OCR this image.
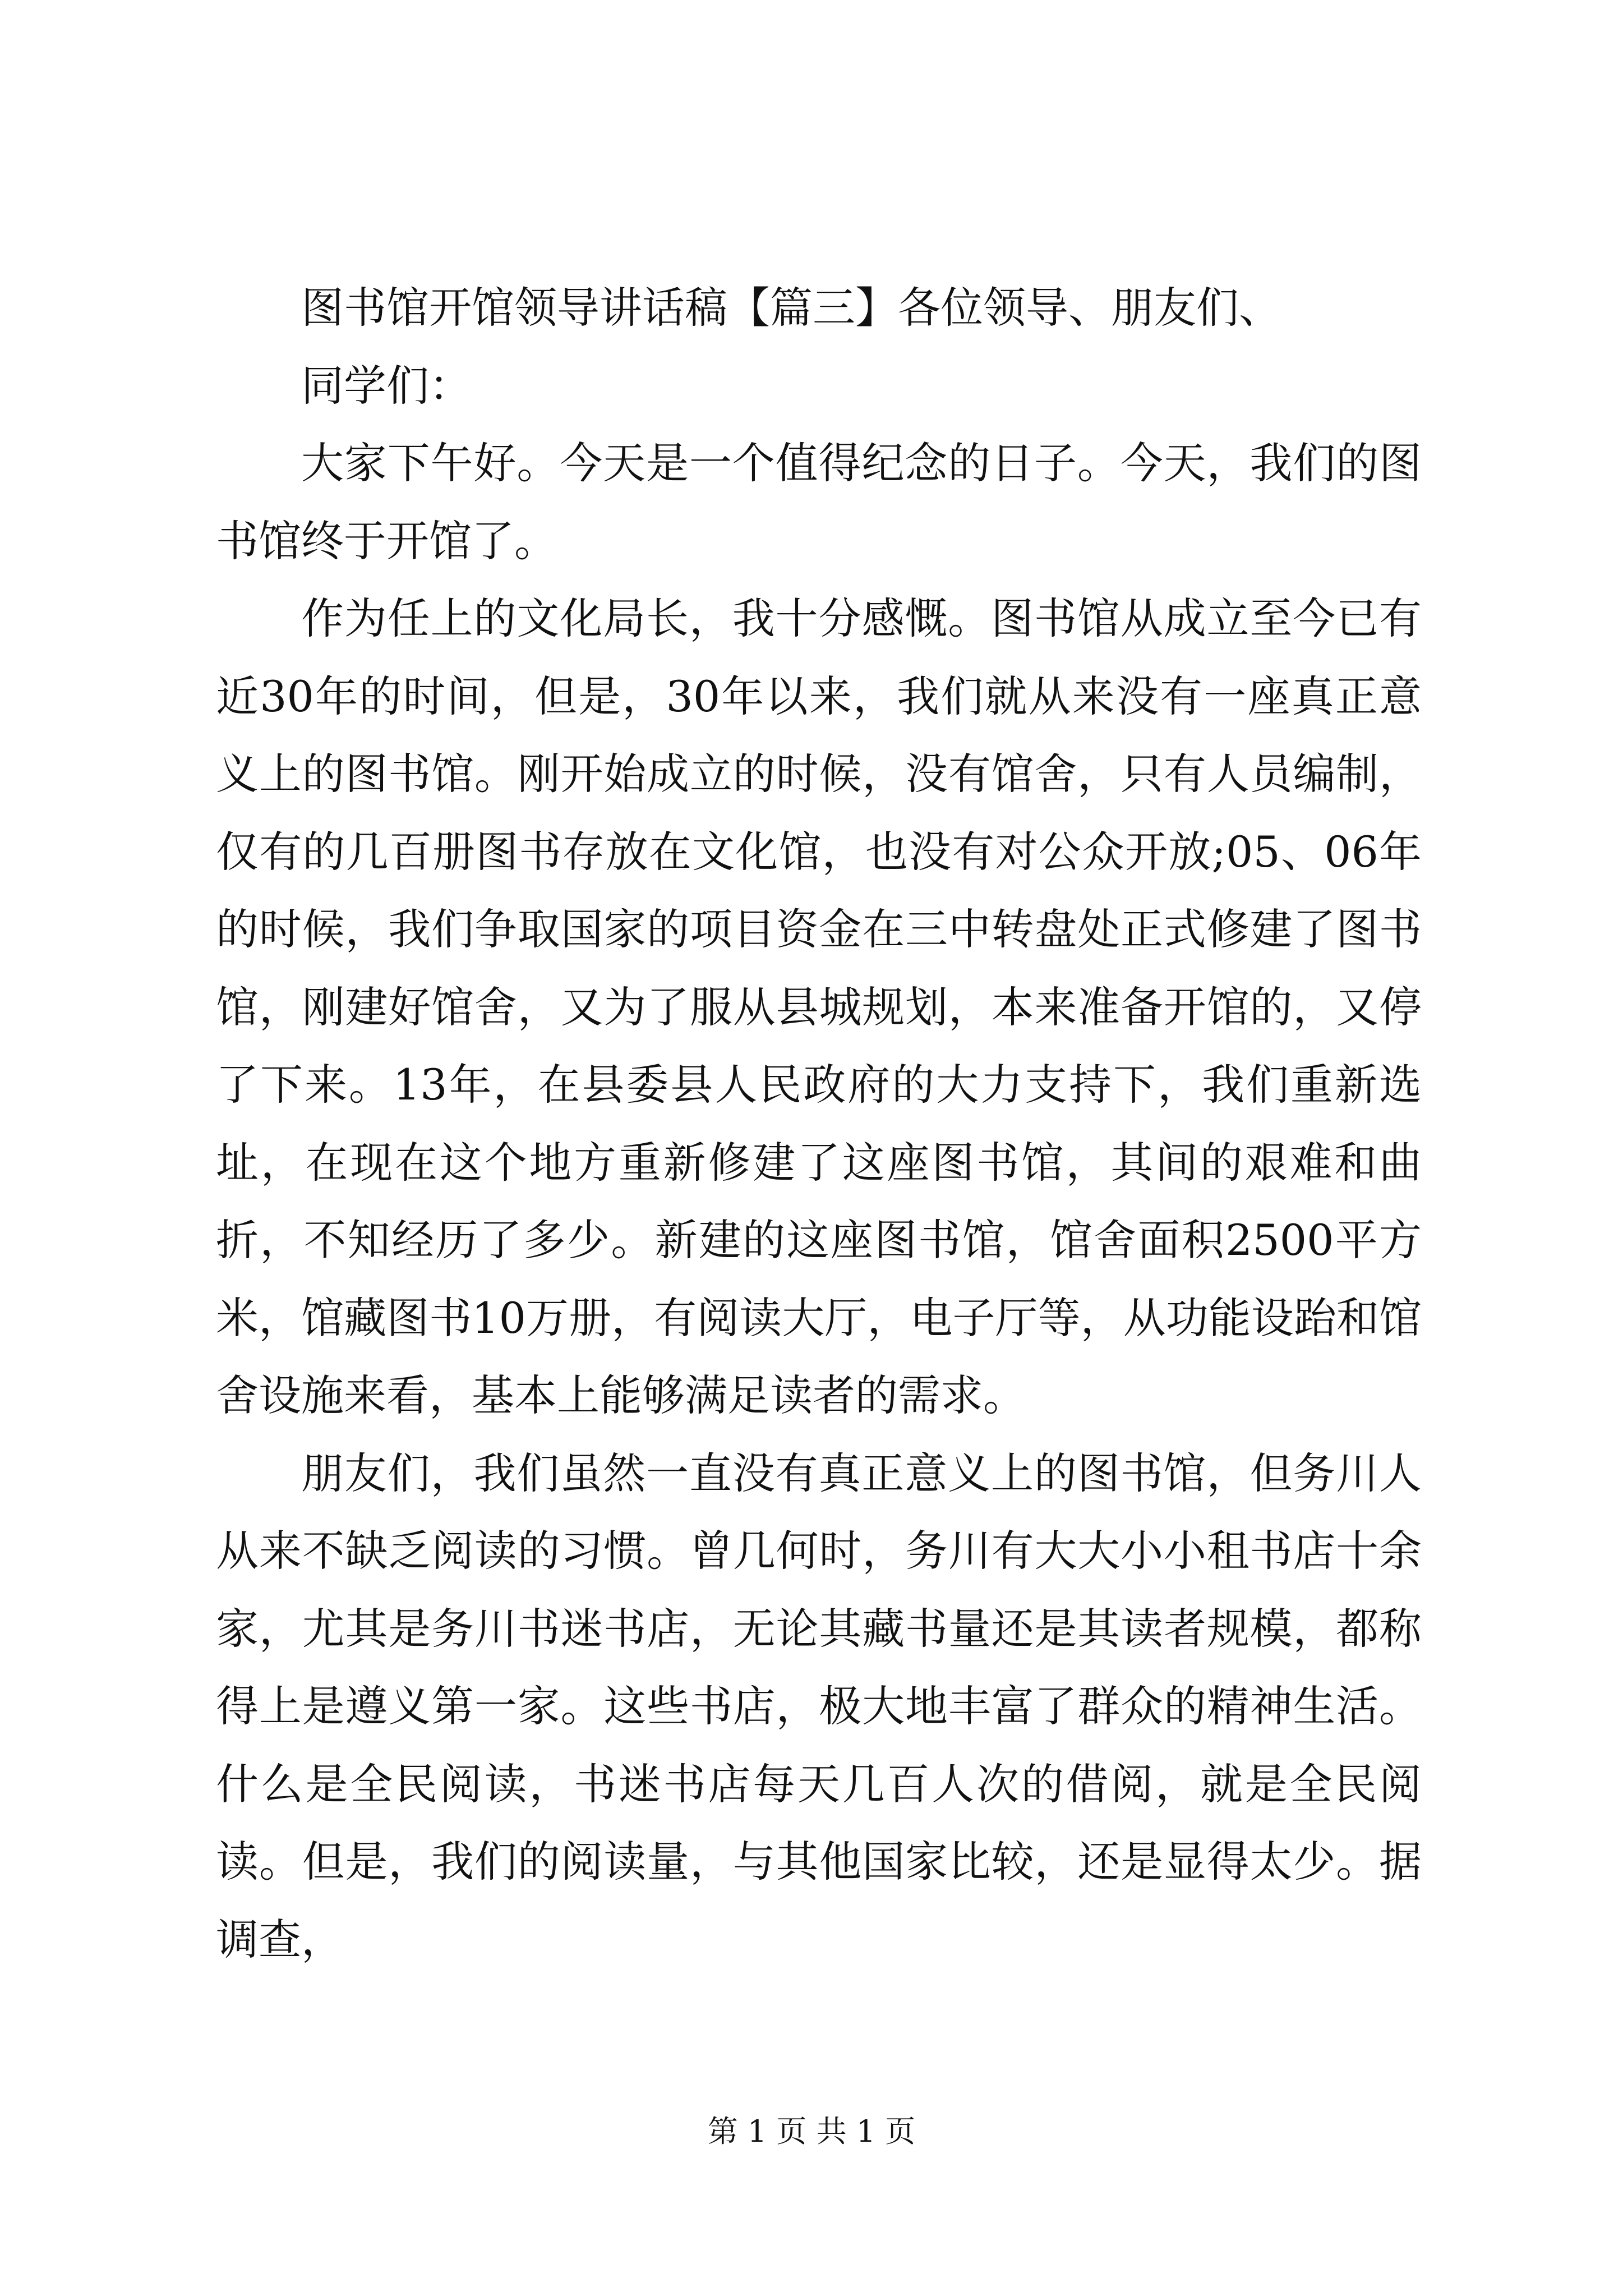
图书馆开馆领导讲话稿【篇三】各位领导、朋友们、

同学们：

大家下午好。今天是一个值得纪念的日子。今天，我们的图书馆终于开馆了。

作为任上的文化局长，我十分感慨。图书馆从成立至今已有近30年的时间，但是，30年以来，我们就从来没有一座真正意义上的图书馆。刚开始成立的时候，没有馆舍，只有人员编制，仅有的几百册图书存放在文化馆，也没有对公众开放;05、06年的时候，我们争取国家的项目资金在三中转盘处正式修建了图书馆，刚建好馆舍，又为了服从县城规划，本来准备开馆的，又停了下来。13年，在县委县人民政府的大力支持下，我们重新选址，在现在这个地方重新修建了这座图书馆，其间的艰难和曲折，不知经历了多少。新建的这座图书馆，馆舍面积2500平方米，馆藏图书10万册，有阅读大厅，电子厅等，从功能设跆和馆舍设施来看，基本上能够满足读者的需求。

朋友们，我们虽然一直没有真正意义上的图书馆，但务川人从来不缺乏阅读的习惯。曾几何时，务川有大大小小租书店十余家，尤其是务川书迷书店，无论其藏书量还是其读者规模，都称得上是遵义第一家。这些书店，极大地丰富了群众的精神生活。什么是全民阅读，书迷书店每天几百人次的借阅，就是全民阅读。但是，我们的阅读量，与其他国家比较，还是显得太少。据调查，

第 1 页 共 1 页
